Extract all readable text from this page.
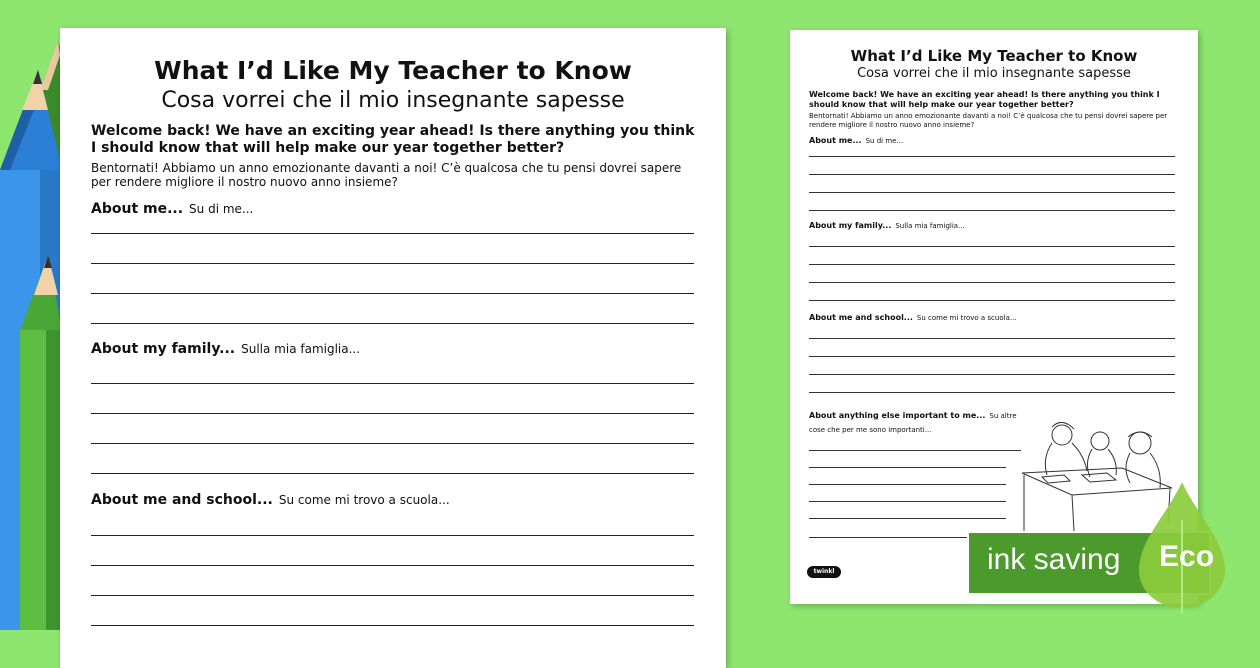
What I’d Like My Teacher to Know
Cosa vorrei che il mio insegnante sapesse
Welcome back! We have an exciting year ahead! Is there anything you think I should know that will help make our year together better?
Bentornati! Abbiamo un anno emozionante davanti a noi! C’è qualcosa che tu pensi dovrei sapere per rendere migliore il nostro nuovo anno insieme?
About me... Su di me...
About my family... Sulla mia famiglia...
About me and school... Su come mi trovo a scuola...
What I’d Like My Teacher to Know
Cosa vorrei che il mio insegnante sapesse
Welcome back! We have an exciting year ahead! Is there anything you think I should know that will help make our year together better?
Bentornati! Abbiamo un anno emozionante davanti a noi! C’è qualcosa che tu pensi dovrei sapere per rendere migliore il nostro nuovo anno insieme?
About me... Su di me...
About my family... Sulla mia famiglia...
About me and school... Su come mi trovo a scuola...
About anything else important to me... Su altre cose che per me sono importanti...
twinkl	ink saving Eco
